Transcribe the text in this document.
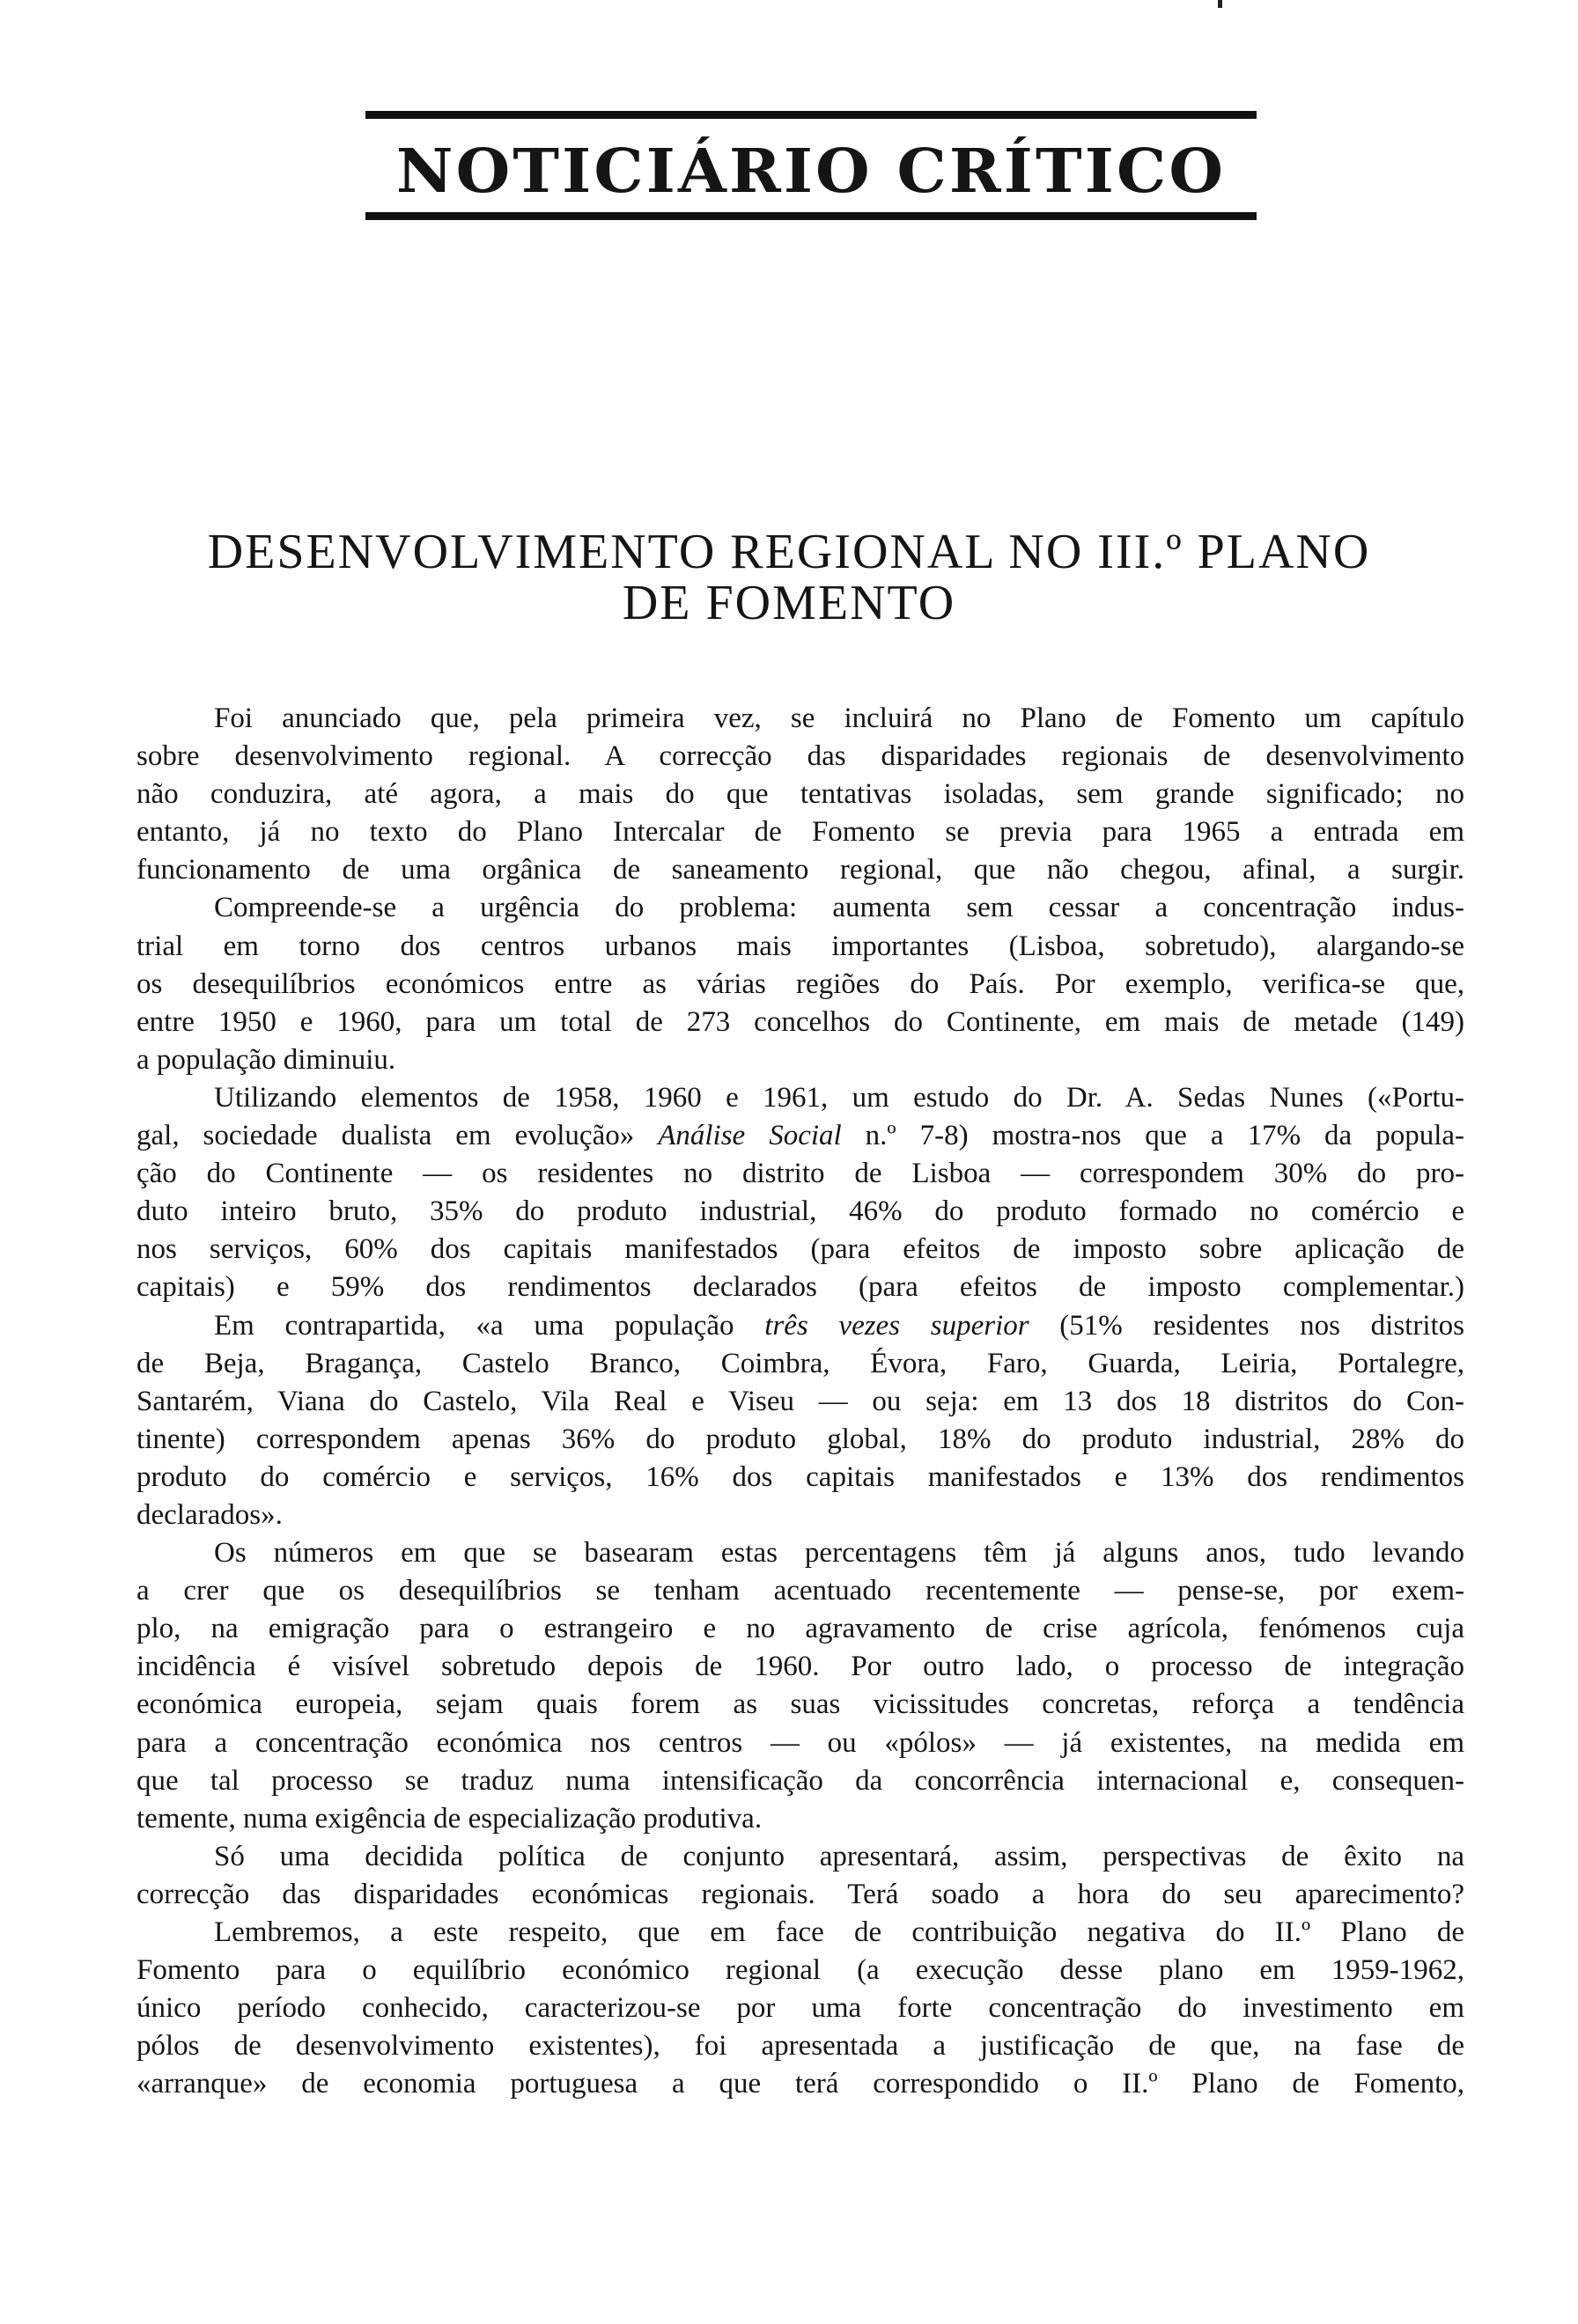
NOTICIÁRIO CRÍTICO
DESENVOLVIMENTO REGIONAL NO III.º PLANO
DE FOMENTO

Foi anunciado que, pela primeira vez, se incluirá no Plano de Fomento um capítulo
sobre desenvolvimento regional. A correcção das disparidades regionais de desenvolvimento
não conduzira, até agora, a mais do que tentativas isoladas, sem grande significado; no
entanto, já no texto do Plano Intercalar de Fomento se previa para 1965 a entrada em
funcionamento de uma orgânica de saneamento regional, que não chegou, afinal, a surgir.

Compreende-se a urgência do problema: aumenta sem cessar a concentração indus-
trial em torno dos centros urbanos mais importantes (Lisboa, sobretudo), alargando-se
os desequilíbrios económicos entre as várias regiões do País. Por exemplo, verifica-se que,
entre 1950 e 1960, para um total de 273 concelhos do Continente, em mais de metade (149)
a população diminuiu.

Utilizando elementos de 1958, 1960 e 1961, um estudo do Dr. A. Sedas Nunes («Portu-
gal, sociedade dualista em evolução» Análise Social n.º 7-8) mostra-nos que a 17% da popula-
ção do Continente — os residentes no distrito de Lisboa — correspondem 30% do pro-
duto inteiro bruto, 35% do produto industrial, 46% do produto formado no comércio e
nos serviços, 60% dos capitais manifestados (para efeitos de imposto sobre aplicação de
capitais) e 59% dos rendimentos declarados (para efeitos de imposto complementar.)

Em contrapartida, «a uma população três vezes superior (51% residentes nos distritos
de Beja, Bragança, Castelo Branco, Coimbra, Évora, Faro, Guarda, Leiria, Portalegre,
Santarém, Viana do Castelo, Vila Real e Viseu — ou seja: em 13 dos 18 distritos do Con-
tinente) correspondem apenas 36% do produto global, 18% do produto industrial, 28% do
produto do comércio e serviços, 16% dos capitais manifestados e 13% dos rendimentos
declarados».

Os números em que se basearam estas percentagens têm já alguns anos, tudo levando
a crer que os desequilíbrios se tenham acentuado recentemente — pense-se, por exem-
plo, na emigração para o estrangeiro e no agravamento de crise agrícola, fenómenos cuja
incidência é visível sobretudo depois de 1960. Por outro lado, o processo de integração
económica europeia, sejam quais forem as suas vicissitudes concretas, reforça a tendência
para a concentração económica nos centros — ou «pólos» — já existentes, na medida em
que tal processo se traduz numa intensificação da concorrência internacional e, consequen-
temente, numa exigência de especialização produtiva.

Só uma decidida política de conjunto apresentará, assim, perspectivas de êxito na
correcção das disparidades económicas regionais. Terá soado a hora do seu aparecimento?

Lembremos, a este respeito, que em face de contribuição negativa do II.º Plano de
Fomento para o equilíbrio económico regional (a execução desse plano em 1959-1962,
único período conhecido, caracterizou-se por uma forte concentração do investimento em
pólos de desenvolvimento existentes), foi apresentada a justificação de que, na fase de
«arranque» de economia portuguesa a que terá correspondido o II.º Plano de Fomento,
